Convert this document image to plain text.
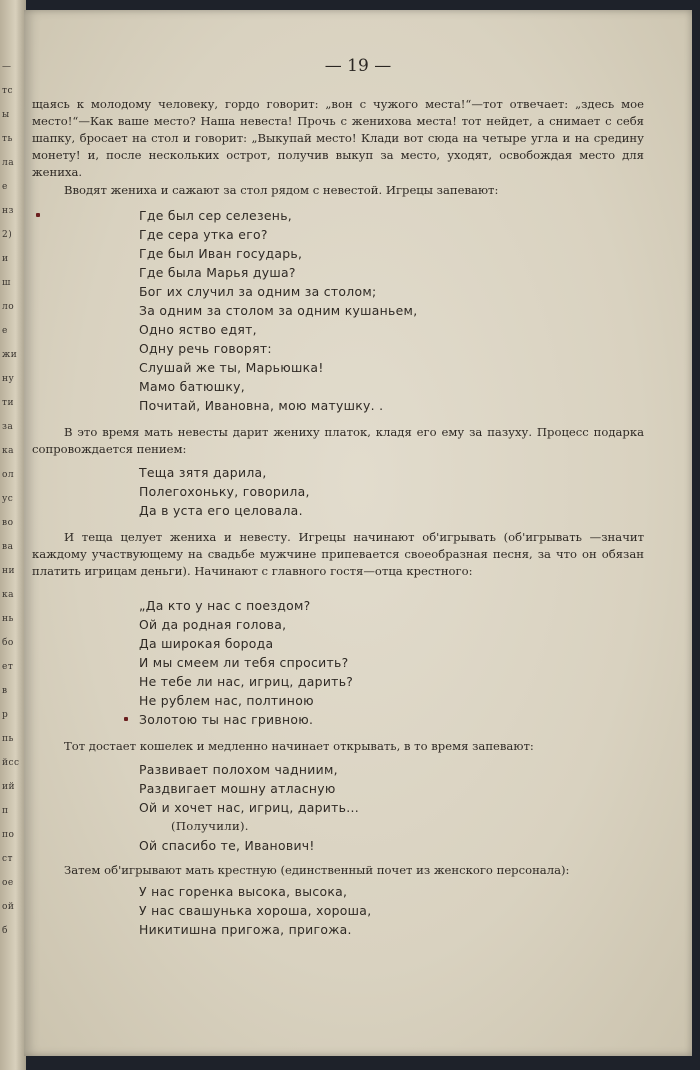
—
тс
ы
ть
ла
е
нз
2)
и
ш
ло
е
жи
ну
ти
за
ка
ол
ус
во
ва
ни
ка
нь
бо
ет
в
р
пь
йсс
ий
п
по
ст
ое
ой
б
— 19 —
щаясь к молодому человеку, гордо говорит: „вон с чужого места!“—тот отвечает: „здесь мое место!“—Как ваше место? Наша невеста! Прочь с жениховa места! тот нейдет, а снимает с себя шапку, бросает на стол и говорит: „Выкупай место! Клади вот сюда на четыре угла и на средину монету! и, после нескольких острот, получив выкуп за место, уходят, освобождая место для жениха.
Вводят жениха и сажают за стол рядом с невестой. Игрецы запевают:
Где был сер селезень,
Где сера утка его?
Где был Иван государь,
Где была Марья душа?
Бог их случил за одним за столом;
За одним за столом за одним кушаньем,
Одно яство едят,
Одну речь говорят:
Слушай же ты, Марьюшка!
Мамо батюшку,
Почитай, Ивановна, мою матушку. .
В это время мать невесты дарит жениху платок, кладя его ему за пазуху. Процесс подарка сопровождается пением:
Теща зятя дарила,
Полегохоньку, говорила,
Да в уста его целовала.
И теща целует жениха и невесту. Игрецы начинают об'игрывать (об'игрывать —значит каждому участвующему на свадьбе мужчине припевается своеобразная песня, за что он обязан платить игрицам деньги). Начинают с главного гостя—отца крестного:
„Да кто у нас с поездом?
Ой да родная голова,
Да широкая борода
И мы смеем ли тебя спросить?
Не тебе ли нас, игриц, дарить?
Не рублем нас, полтиною
Золотою ты нас гривною.
Тот достает кошелек и медленно начинает открывать, в то время запевают:
Развивает полохом чадниим,
Раздвигает мошну атласную
Ой и хочет нас, игриц, дарить...
(Получили).
Ой спасибо те, Иванович!
Затем об'игрывают мать крестную (единственный почет из женского персонала):
У нас горенка высока, высока,
У нас свашунька хороша, хороша,
Никитишна пригожа, пригожа.
